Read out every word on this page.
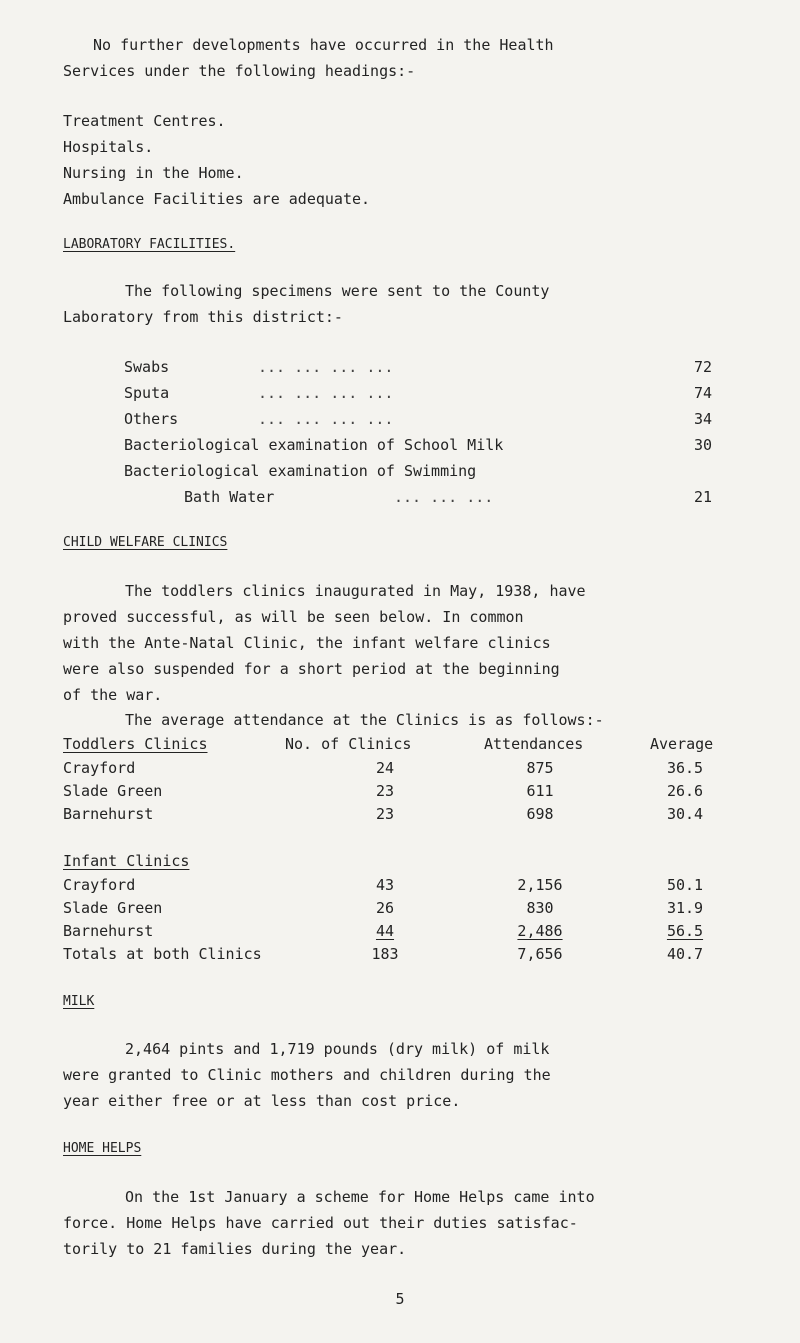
No further developments have occurred in the Health
Services under the following headings:-
Treatment Centres.
Hospitals.
Nursing in the Home.
Ambulance Facilities are adequate.
LABORATORY FACILITIES.
The following specimens were sent to the County
Laboratory from this district:-
Swabs	... ... ... ...	72
Sputa	... ... ... ...	74
Others	... ... ... ...	34
Bacteriological examination of School Milk	30
Bacteriological examination of Swimming
Bath Water	... ... ...	21
CHILD WELFARE CLINICS
The toddlers clinics inaugurated in May, 1938, have
proved successful, as will be seen below. In common
with the Ante-Natal Clinic, the infant welfare clinics
were also suspended for a short period at the beginning
of the war.
The average attendance at the Clinics is as follows:-
Toddlers Clinics	No. of Clinics	Attendances	Average
Crayford	24	875	36.5
Slade Green	23	611	26.6
Barnehurst	23	698	30.4
Infant Clinics
Crayford	43	2,156	50.1
Slade Green	26	830	31.9
Barnehurst	44	2,486	56.5
Totals at both Clinics	183	7,656	40.7
MILK
2,464 pints and 1,719 pounds (dry milk) of milk
were granted to Clinic mothers and children during the
year either free or at less than cost price.
HOME HELPS
On the 1st January a scheme for Home Helps came into
force. Home Helps have carried out their duties satisfac-
torily to 21 families during the year.
5
